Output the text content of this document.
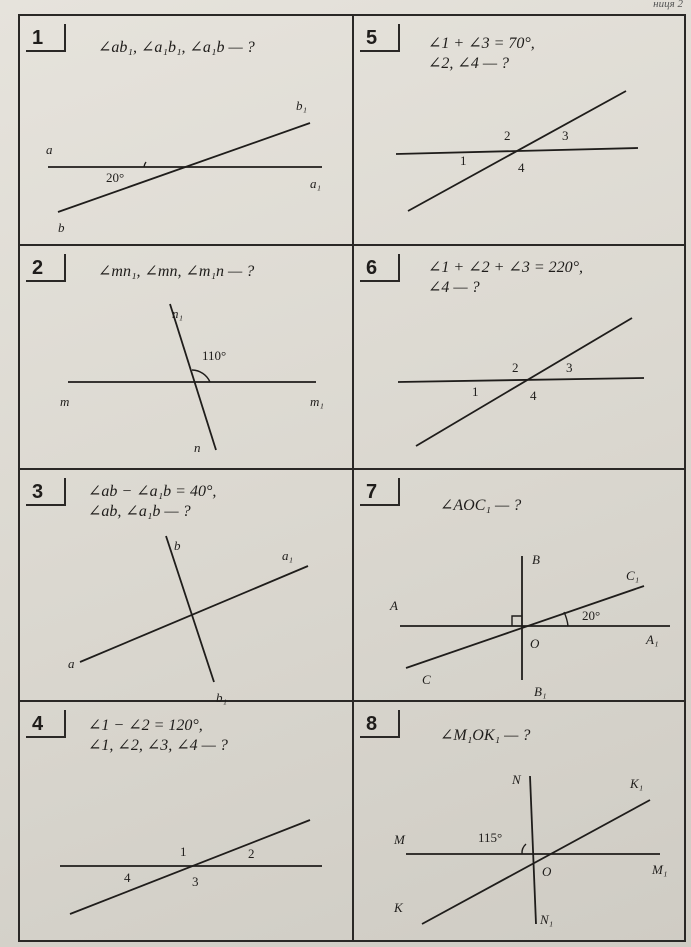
ниця 2
1	∠ab₁, ∠a₁b₁, ∠a₁b — ?
a
b
a₁
b₁
20°
5	∠1 + ∠3 = 70°,
∠2, ∠4 — ?
1
2	3
4
2	∠mn₁, ∠mn, ∠m₁n — ?
m	m₁
n
n₁
110°
6	∠1 + ∠2 + ∠3 = 220°,
∠4 — ?
1
2	3
4
3	∠ab − ∠a₁b = 40°,
∠ab, ∠a₁b — ?
a
a₁
b
b₁
7
∠AOC₁ — ?
A
A₁
B
B₁
C
C₁
O
20°
4	∠1 − ∠2 = 120°,
∠1, ∠2, ∠3, ∠4 — ?
1	2
3
4
8
∠M₁OK₁ — ?
M
M₁
N
N₁
K
K₁
O
115°
